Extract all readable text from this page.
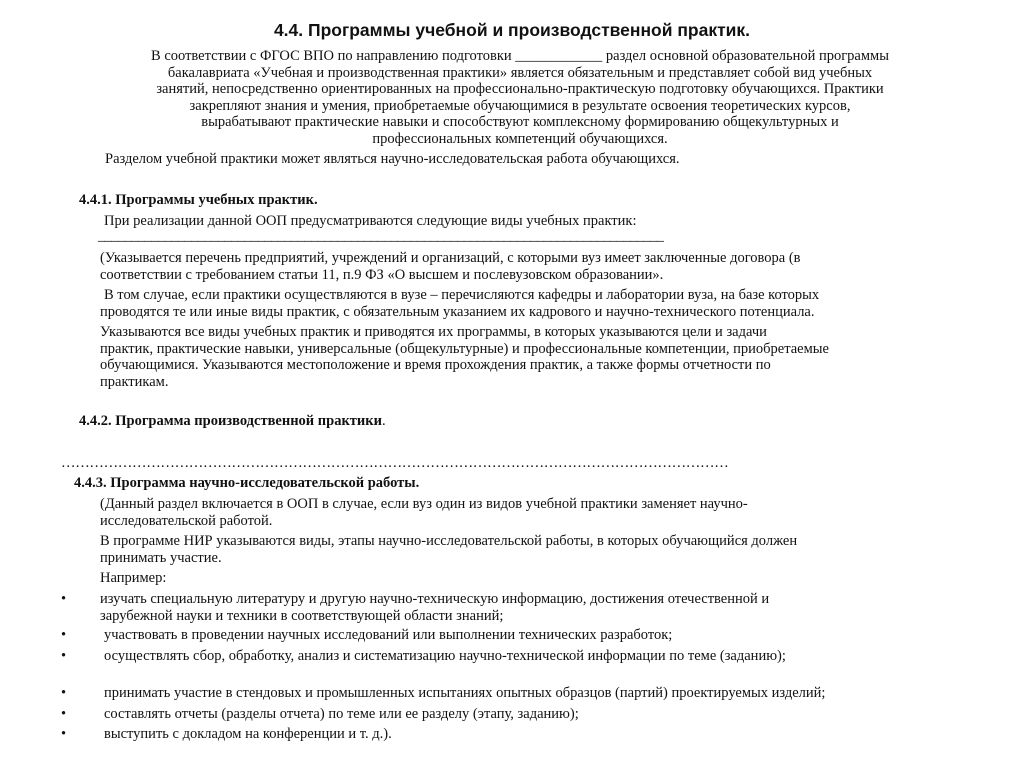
4.4. Программы учебной и производственной практик.
В соответствии с ФГОС ВПО по направлению подготовки ____________ раздел основной образовательной программы
бакалавриата «Учебная и производственная практики» является обязательным и представляет собой вид учебных
занятий, непосредственно ориентированных на профессионально-практическую подготовку обучающихся. Практики
закрепляют знания и умения, приобретаемые обучающимися в результате освоения теоретических курсов,
вырабатывают практические навыки и способствуют комплексному формированию общекультурных и
профессиональных компетенций обучающихся.

Разделом учебной практики может являться научно-исследовательская работа обучающихся.

4.4.1. Программы учебных практик.

При реализации данной ООП предусматриваются следующие виды учебных практик:

_____________________________________________________________________________________

(Указывается перечень предприятий, учреждений и организаций, с которыми вуз имеет заключенные договора (в
соответствии с требованием статьи 11, п.9 ФЗ «О высшем и послевузовском образовании».
В том случае, если практики осуществляются в вузе – перечисляются кафедры и лаборатории вуза, на базе которых
проводятся те или иные виды практик, с обязательным указанием их кадрового и научно-технического потенциала.
Указываются все виды учебных практик и приводятся их программы, в которых указываются цели и задачи
практик, практические навыки, универсальные (общекультурные) и профессиональные компетенции, приобретаемые
обучающимися. Указываются местоположение и время прохождения практик, а также формы отчетности по
практикам.

4.4.2. Программа производственной практики.

……………………………………………………………………………………………………………………………

4.4.3. Программа научно-исследовательской работы.

(Данный раздел включается в ООП в случае, если вуз один из видов учебной практики заменяет научно-
исследовательской работой.
В программе НИР указываются виды, этапы научно-исследовательской работы, в которых обучающийся должен
принимать участие.

Например:

• изучать специальную литературу и другую научно-техническую информацию, достижения отечественной и
зарубежной науки и техники в соответствующей области знаний;
•	участвовать в проведении научных исследований или выполнении технических разработок;
•	осуществлять сбор, обработку, анализ и систематизацию научно-технической информации по теме (заданию);
•	принимать участие в стендовых и промышленных испытаниях опытных образцов (партий) проектируемых изделий;
•	составлять отчеты (разделы отчета) по теме или ее разделу (этапу, заданию);
•	выступить с докладом на конференции и т. д.).
